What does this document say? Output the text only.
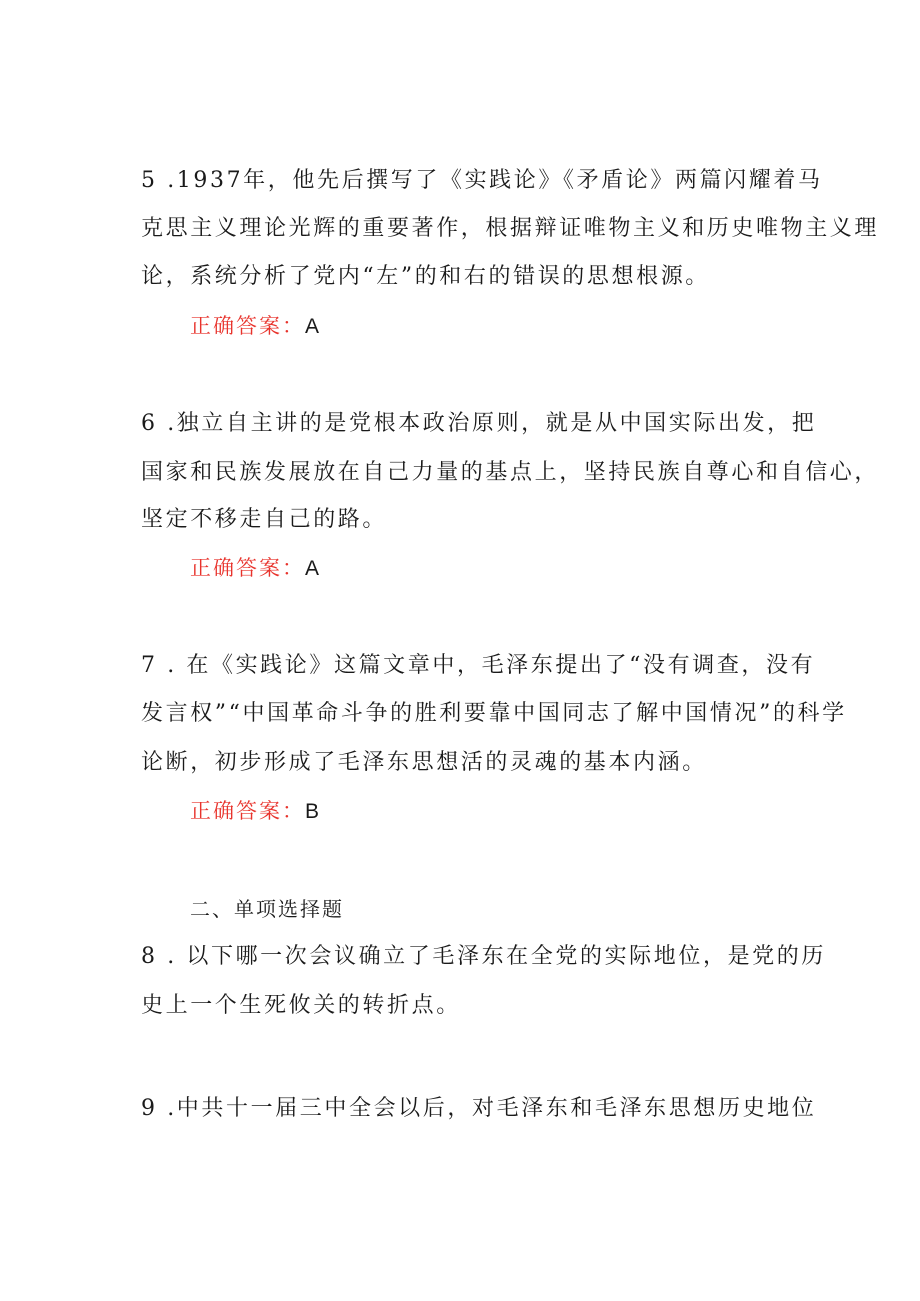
5 .1937年，他先后撰写了《实践论》《矛盾论》两篇闪耀着马
克思主义理论光辉的重要著作，根据辩证唯物主义和历史唯物主义理
论，系统分析了党内“左”的和右的错误的思想根源。
正确答案：A
6 .独立自主讲的是党根本政治原则，就是从中国实际出发，把
国家和民族发展放在自己力量的基点上，坚持民族自尊心和自信心，
坚定不移走自己的路。
正确答案：A
7 . 在《实践论》这篇文章中，毛泽东提出了“没有调查，没有
发言权”“中国革命斗争的胜利要靠中国同志了解中国情况”的科学
论断，初步形成了毛泽东思想活的灵魂的基本内涵。
正确答案：B
二、单项选择题
8 . 以下哪一次会议确立了毛泽东在全党的实际地位，是党的历
史上一个生死攸关的转折点。
9 .中共十一届三中全会以后，对毛泽东和毛泽东思想历史地位
